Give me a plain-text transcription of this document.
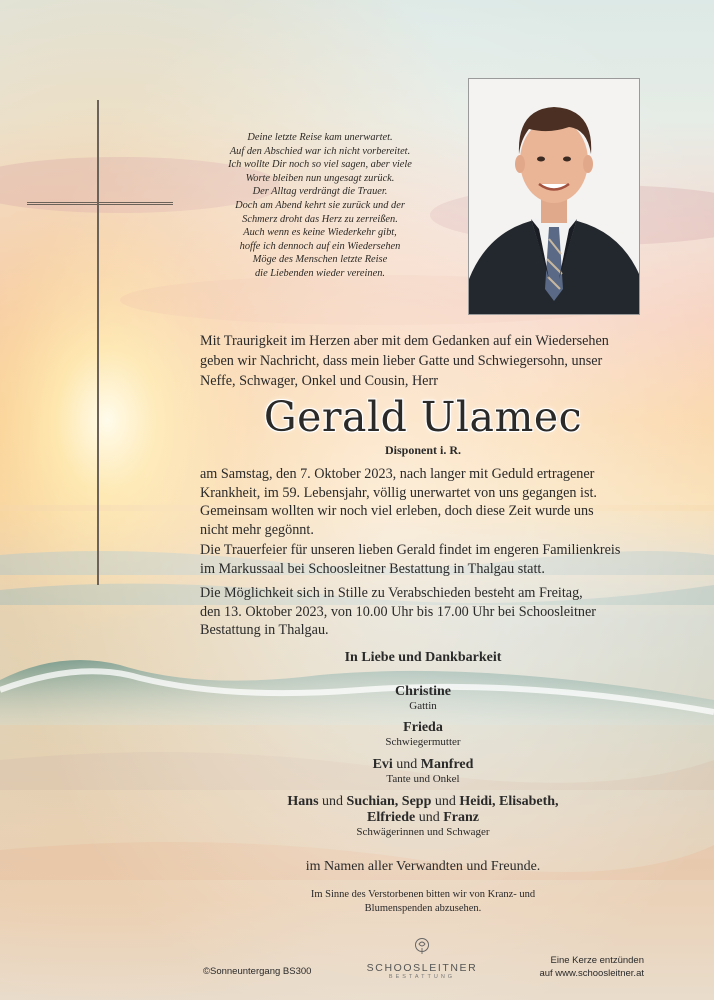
Deine letzte Reise kam unerwartet.
Auf den Abschied war ich nicht vorbereitet.
Ich wollte Dir noch so viel sagen, aber viele
Worte bleiben nun ungesagt zurück.
Der Alltag verdrängt die Trauer.
Doch am Abend kehrt sie zurück und der
Schmerz droht das Herz zu zerreißen.
Auch wenn es keine Wiederkehr gibt,
hoffe ich dennoch auf ein Wiedersehen
Möge des Menschen letzte Reise
die Liebenden wieder vereinen.
Mit Traurigkeit im Herzen aber mit dem Gedanken auf ein Wiedersehen
geben wir Nachricht, dass mein lieber Gatte und Schwiegersohn, unser
Neffe, Schwager, Onkel und Cousin, Herr
Gerald Ulamec
Disponent i. R.
am Samstag, den 7. Oktober 2023, nach langer mit Geduld ertragener
Krankheit, im 59. Lebensjahr, völlig unerwartet von uns gegangen ist.
Gemeinsam wollten wir noch viel erleben, doch diese Zeit wurde uns
nicht mehr gegönnt.
Die Trauerfeier für unseren lieben Gerald findet im engeren Familienkreis
im Markussaal bei Schoosleitner Bestattung in Thalgau statt.
Die Möglichkeit sich in Stille zu Verabschieden besteht am Freitag,
den 13. Oktober 2023, von 10.00 Uhr bis 17.00 Uhr bei Schoosleitner
Bestattung in Thalgau.
In Liebe und Dankbarkeit
Christine
Gattin
Frieda
Schwiegermutter
Evi und Manfred
Tante und Onkel
Hans und Suchian, Sepp und Heidi, Elisabeth,
Elfriede und Franz
Schwägerinnen und Schwager
im Namen aller Verwandten und Freunde.
Im Sinne des Verstorbenen bitten wir von Kranz- und
Blumenspenden abzusehen.
©Sonneuntergang BS300	SCHOOSLEITNER
BESTATTUNG
Eine Kerze entzünden
auf www.schoosleitner.at
